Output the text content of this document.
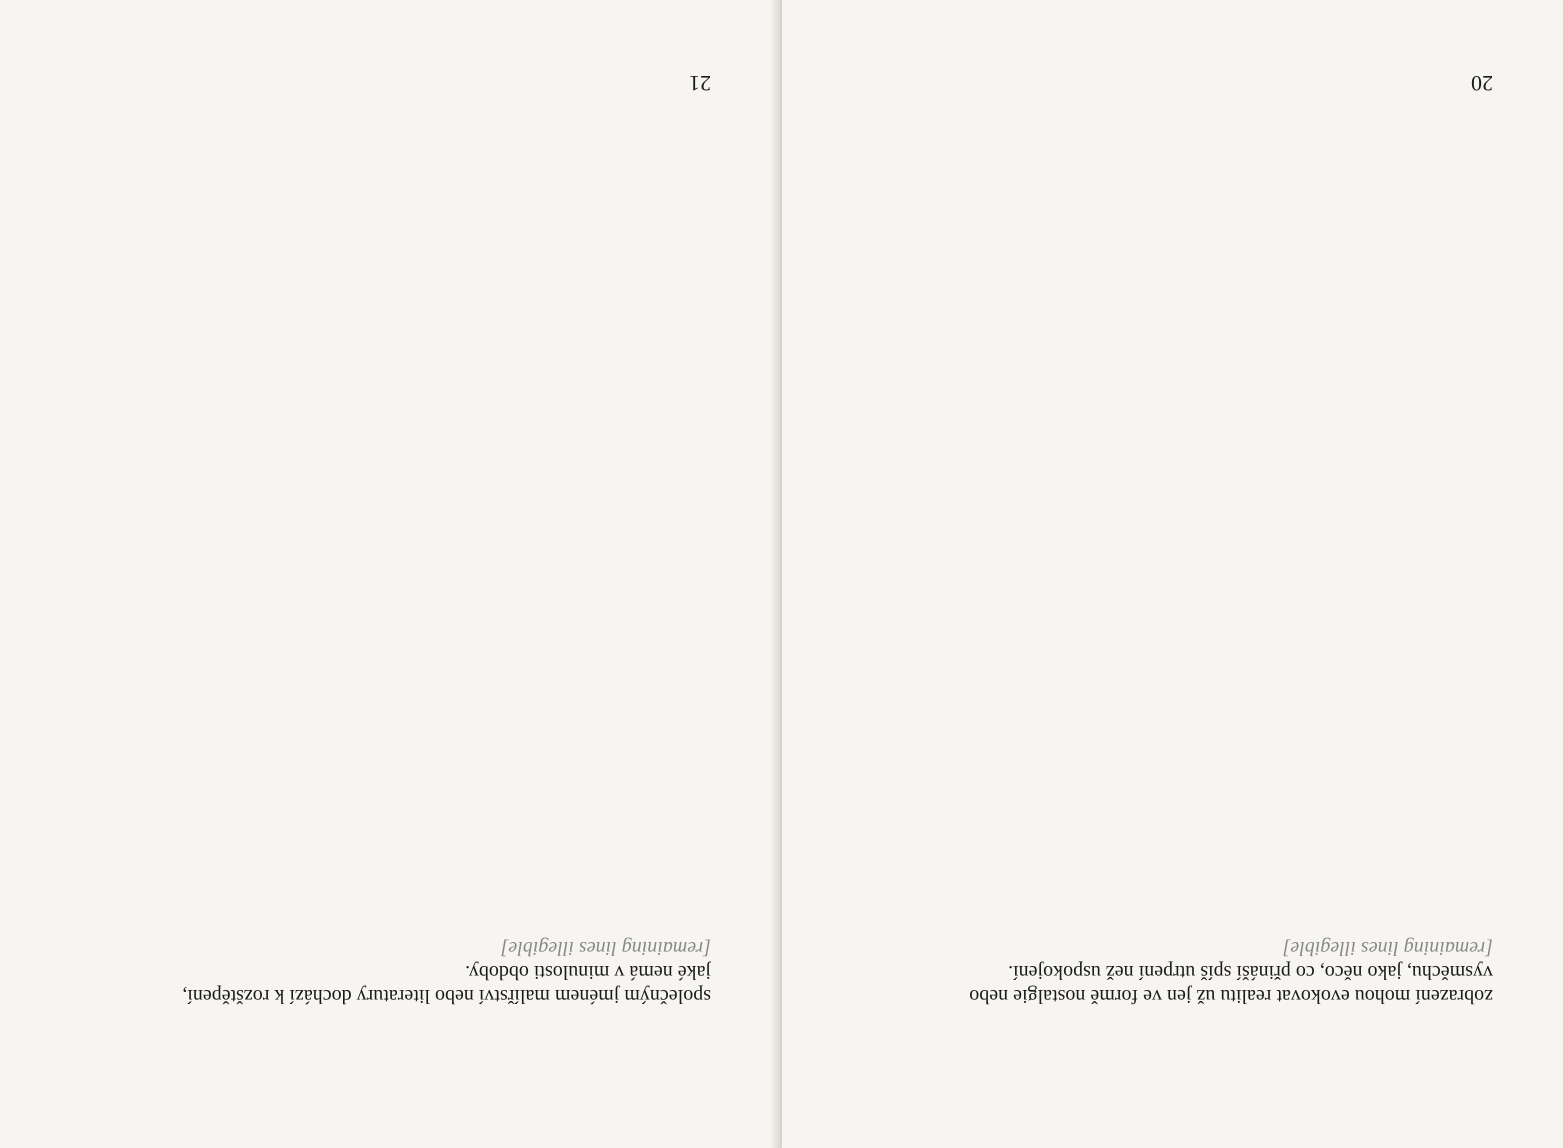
společným jménem malířství nebo literatury dochází k rozštěpení,
jaké nemá v minulosti obdoby.
[remaining lines illegible]
21
zobrazení mohou evokovat realitu už jen ve formě nostalgie nebo
vysměchu, jako něco, co přináší spíš utrpení než uspokojení.
[remaining lines illegible]
20
